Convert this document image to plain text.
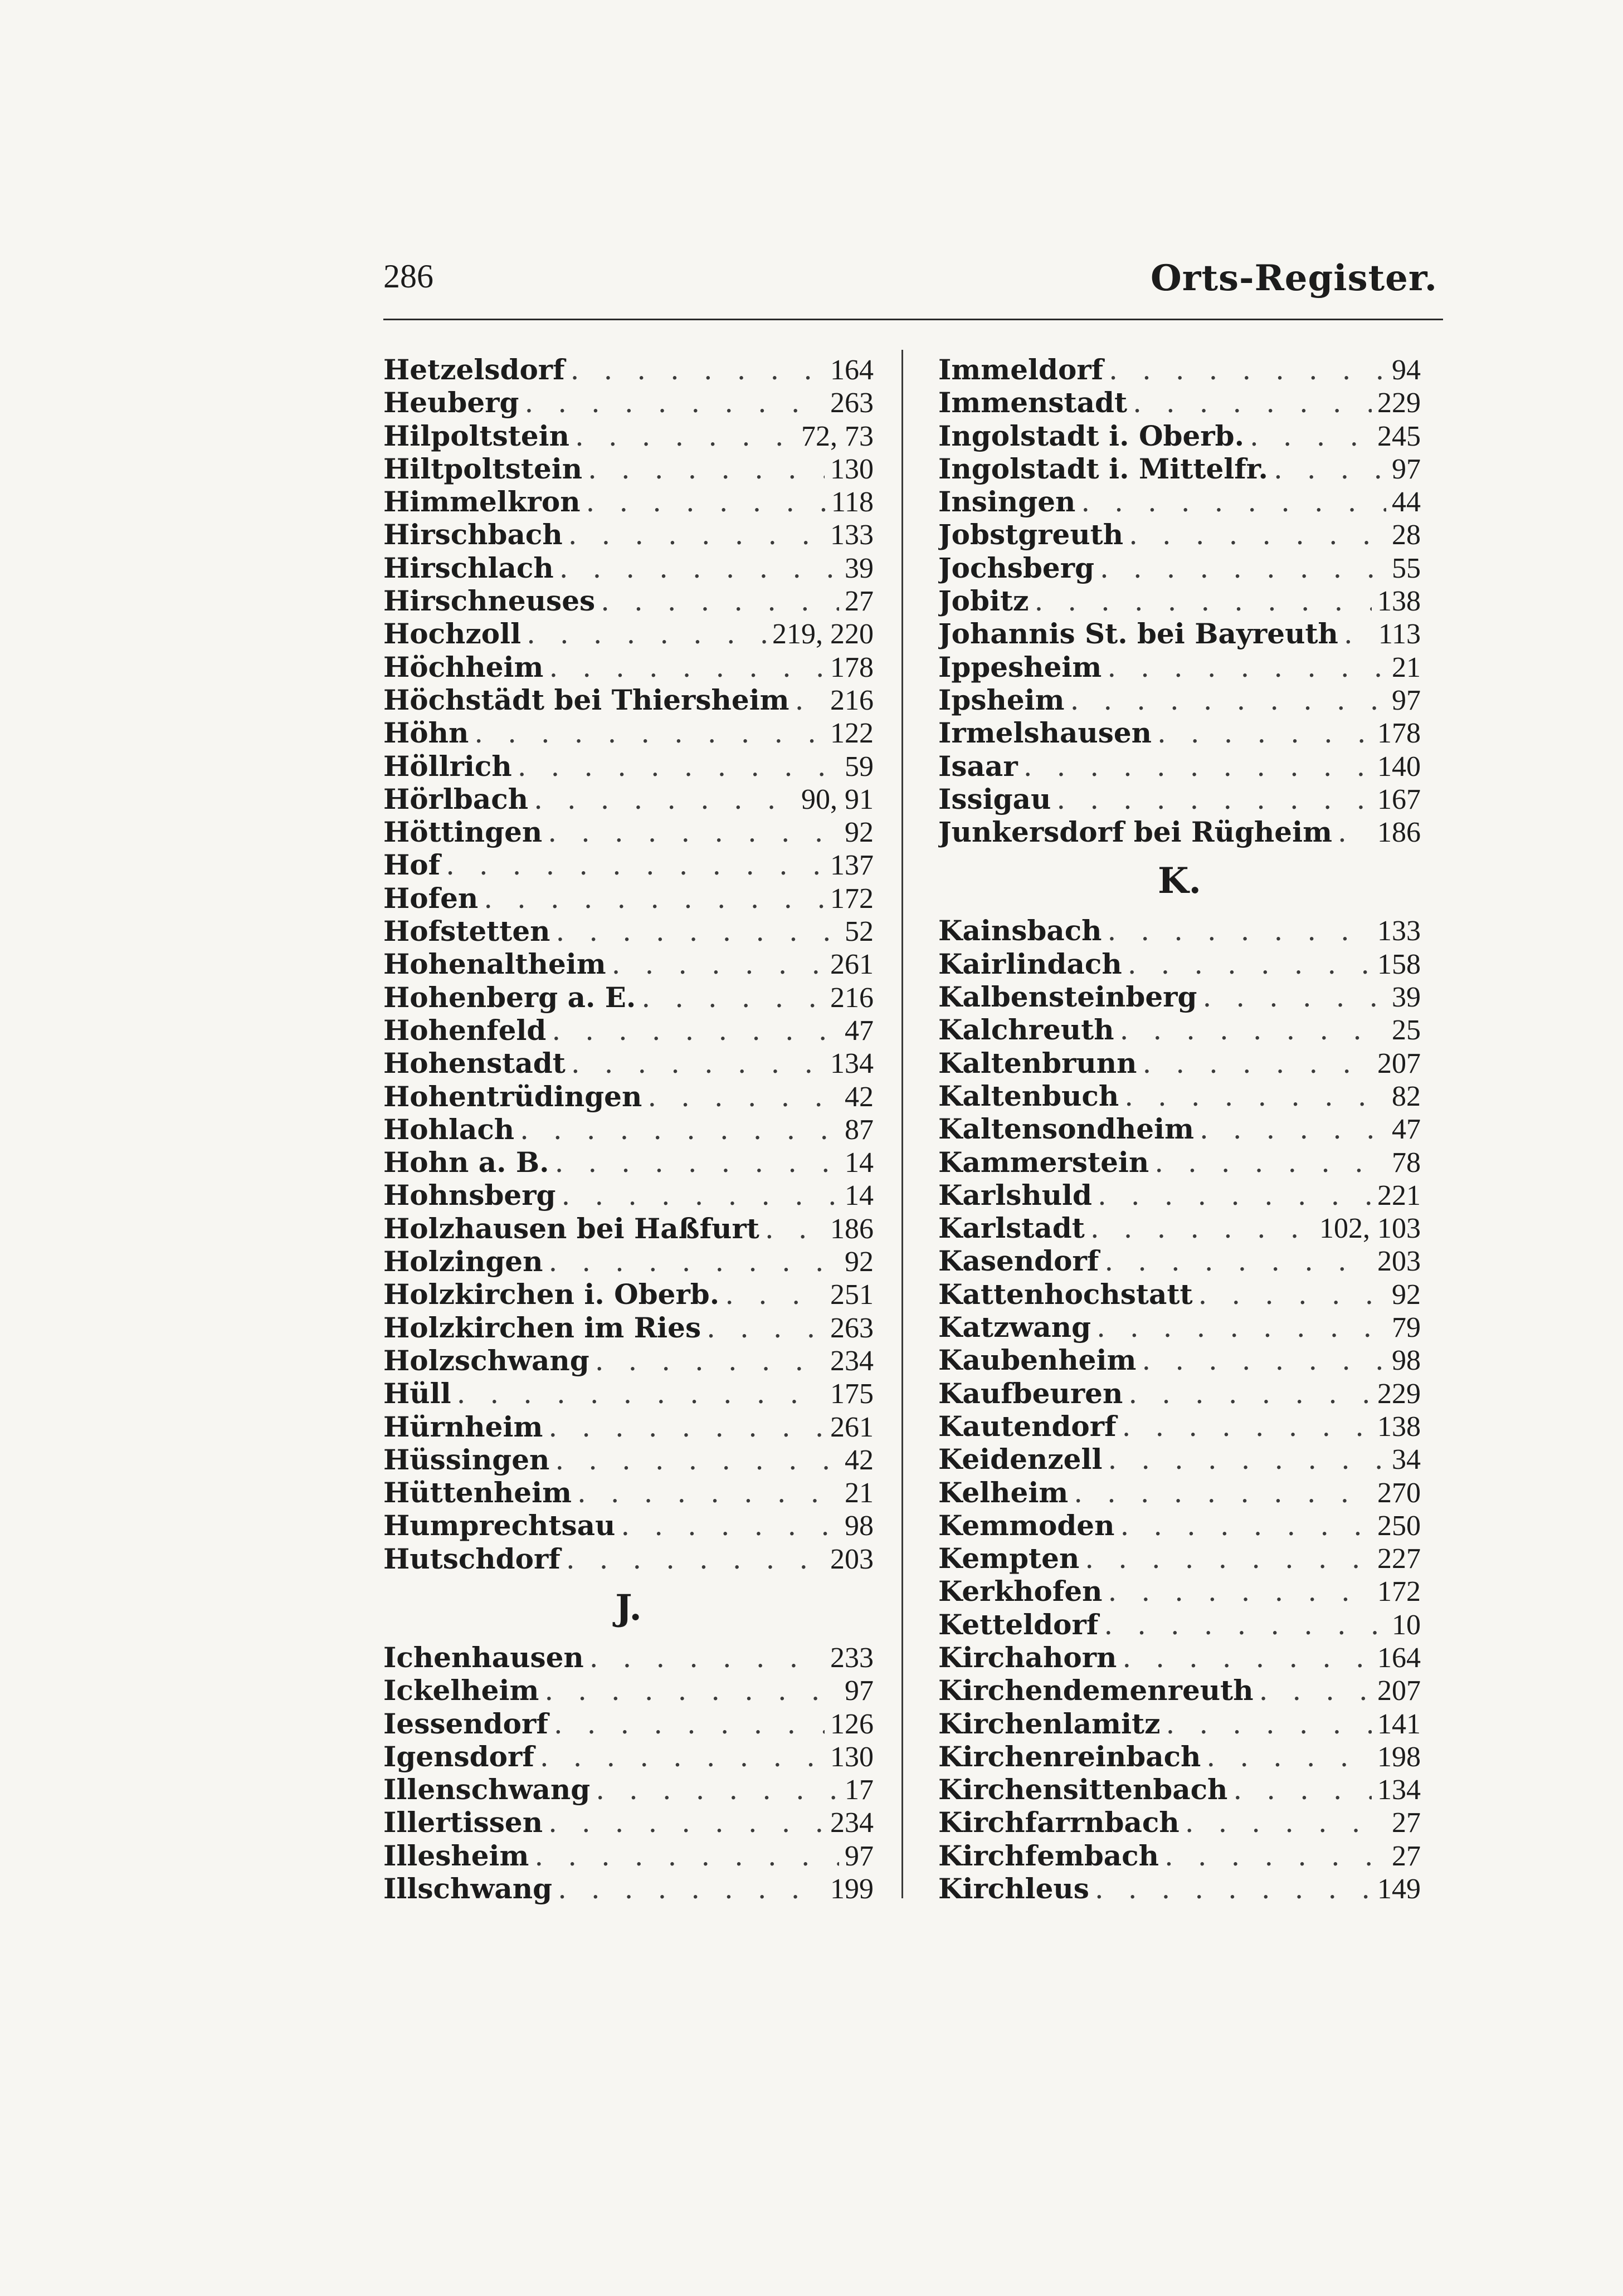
286	Orts-Register.
Hetzelsdorf . . .	164
Heuberg . . .	263
Hilpoltstein . . .	72, 73
Hiltpoltstein . . .	130
Himmelkron . . .	118
Hirschbach . . .	133
Hirschlach . . .	39
Hirschneuses . . .	27
Hochzoll . . .	219, 220
Höchheim . . .	178
Höchstädt bei Thiersheim . . . 216
Höhn . . .	122
Höllrich . . .	59
Hörlbach . . .	90, 91
Höttingen . . .	92
Hof . . .	137
Hofen . . .	172
Hofstetten . . .	52
Hohenaltheim . . .	261
Hohenberg a. E. . . .	216
Hohenfeld . . .	47
Hohenstadt . . .	134
Hohentrüdingen . . .	42
Hohlach . . .	87
Hohn a. B. . . .	14
Hohnsberg . . .	14
Holzhausen bei Haßfurt . . . 186
Holzingen . . .	92
Holzkirchen i. Oberb. . . .	251
Holzkirchen im Ries . . .	263
Holzschwang . . .	234
Hüll . . .	175
Hürnheim . . .	261
Hüssingen . . .	42
Hüttenheim . . .	21
Humprechtsau . . .	98
Hutschdorf . . .	203
J.
Ichenhausen . . .	233
Ickelheim . . .	97
Iessendorf . . .	126
Igensdorf . . .	130
Illenschwang . . .	17
Illertissen . . .	234
Illesheim . . .	97
Illschwang . . .	199
Immeldorf . . .	94
Immenstadt . . .	229
Ingolstadt i. Oberb. . . .	245
Ingolstadt i. Mittelfr. . . .	97
Insingen . . .	44
Jobstgreuth . . .	28
Jochsberg . . .	55
Jobitz . . .	138
Johannis St. bei Bayreuth . . . 113
Ippesheim . . .	21
Ipsheim . . .	97
Irmelshausen . . .	178
Isaar . . .	140
Issigau . . .	167
Junkersdorf bei Rügheim . . . 186
K.
Kainsbach . . .	133
Kairlindach . . .	158
Kalbensteinberg . . .	39
Kalchreuth . . .	25
Kaltenbrunn . . .	207
Kaltenbuch . . .	82
Kaltensondheim . . .	47
Kammerstein . . .	78
Karlshuld . . .	221
Karlstadt . . .	102, 103
Kasendorf . . .	203
Kattenhochstatt . . .	92
Katzwang . . .	79
Kaubenheim . . .	98
Kaufbeuren . . .	229
Kautendorf . . .	138
Keidenzell . . .	34
Kelheim . . .	270
Kemmoden . . .	250
Kempten . . .	227
Kerkhofen . . .	172
Ketteldorf . . .	10
Kirchahorn . . .	164
Kirchendemenreuth . . .	207
Kirchenlamitz . . .	141
Kirchenreinbach . . .	198
Kirchensittenbach . . .	134
Kirchfarrnbach . . .	27
Kirchfembach . . .	27
Kirchleus . . .	149
